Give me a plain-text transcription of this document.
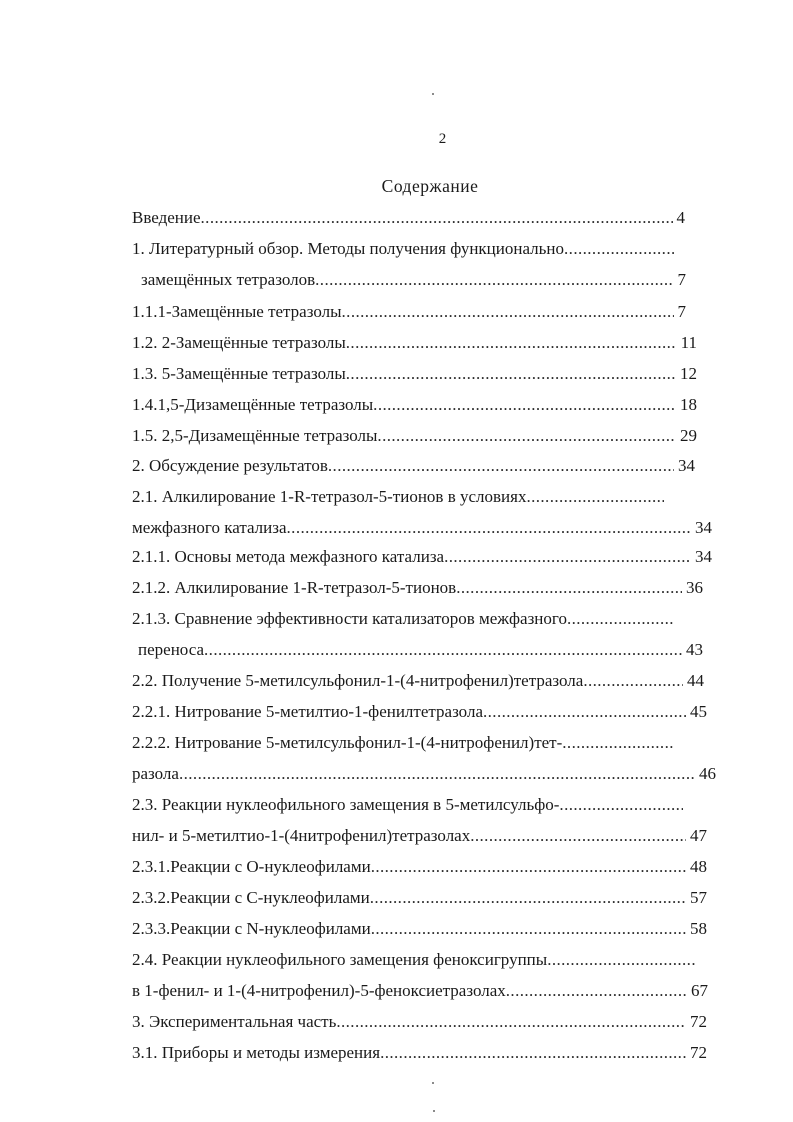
2
Содержание
Введение .....	4
1. Литературный обзор. Методы получения функционально
.....
замещённых тетразолов .....	7
1.1.1-Замещённые тетразолы .....	7
1.2. 2-Замещённые тетразолы .....	11
1.3. 5-Замещённые тетразолы .....	12
1.4.1,5-Дизамещённые тетразолы .....	18
1.5. 2,5-Дизамещённые тетразолы .....	29
2. Обсуждение результатов .....	34
2.1. Алкилирование 1-R-тетразол-5-тионов в условиях
.....
межфазного катализа .....	34
2.1.1. Основы метода межфазного катализа .....	34
2.1.2. Алкилирование 1-R-тетразол-5-тионов .....	36
2.1.3. Сравнение эффективности катализаторов межфазного
.....
переноса .....	43
2.2. Получение 5-метилсульфонил-1-(4-нитрофенил)тетразола .....	44
2.2.1. Нитрование 5-метилтио-1-фенилтетразола .....	45
2.2.2. Нитрование 5-метилсульфонил-1-(4-нитрофенил)тет-
.....
разола .....	46
2.3. Реакции нуклеофильного замещения в 5-метилсульфо-
.....
нил- и 5-метилтио-1-(4нитрофенил)тетразолах .....	47
2.3.1.Реакции с О-нуклеофилами .....	48
2.3.2.Реакции с С-нуклеофилами .....	57
2.3.3.Реакции с N-нуклеофилами .....	58
2.4. Реакции нуклеофильного замещения феноксигруппы
.....
в 1-фенил- и 1-(4-нитрофенил)-5-феноксиетразолах .....	67
3. Экспериментальная часть .....	72
3.1. Приборы и методы измерения .....	72
